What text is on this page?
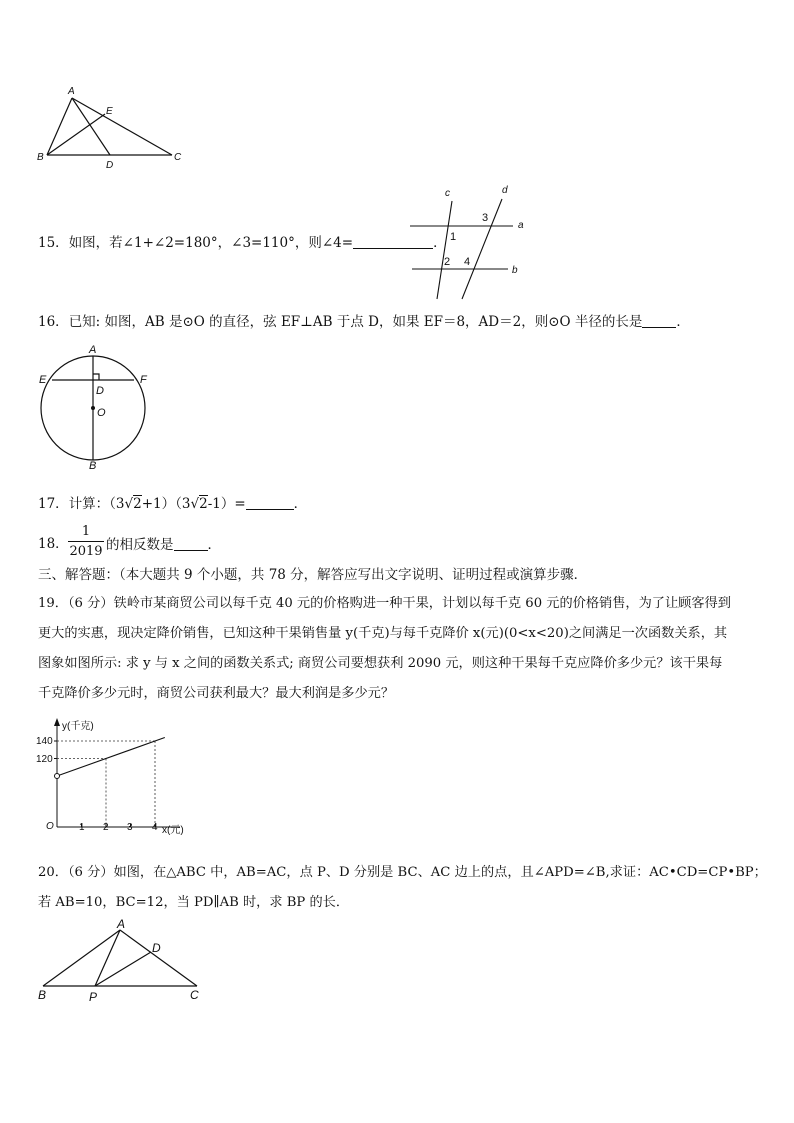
A
E
B
D
C
15．如图，若∠1+∠2=180°，∠3=110°，则∠4=	．
c	d
a
b
1
2
3
4
16．已知: 如图，AB 是⊙O 的直径，弦 EF⊥AB 于点 D，如果 EF＝8，AD＝2，则⊙O 半径的长是	．
A
E	F
D
O
B
17．计算：（3√2+1）（3√2-1）=	．
18． $\frac{1}{2019}$ 的相反数是	．
三、解答题：（本大题共 9 个小题，共 78 分，解答应写出文字说明、证明过程或演算步骤．
19．（6 分）铁岭市某商贸公司以每千克 40 元的价格购进一种干果，计划以每千克 60 元的价格销售，为了让顾客得到
更大的实惠，现决定降价销售，已知这种干果销售量 y(千克)与每千克降价 x(元)(0<x<20)之间满足一次函数关系，其
图象如图所示: 求 y 与 x 之间的函数关系式; 商贸公司要想获利 2090 元，则这种干果每千克应降价多少元？该干果每
千克降价多少元时，商贸公司获利最大？最大利润是多少元？
y(千克)
x(元)
O	1 2 3 4
120
140
20．（6 分）如图，在△ABC 中，AB=AC，点 P、D 分别是 BC、AC 边上的点，且∠APD=∠B,求证：AC•CD=CP•BP；
若 AB=10，BC=12，当 PD∥AB 时，求 BP 的长．
A
D
B	P	C
